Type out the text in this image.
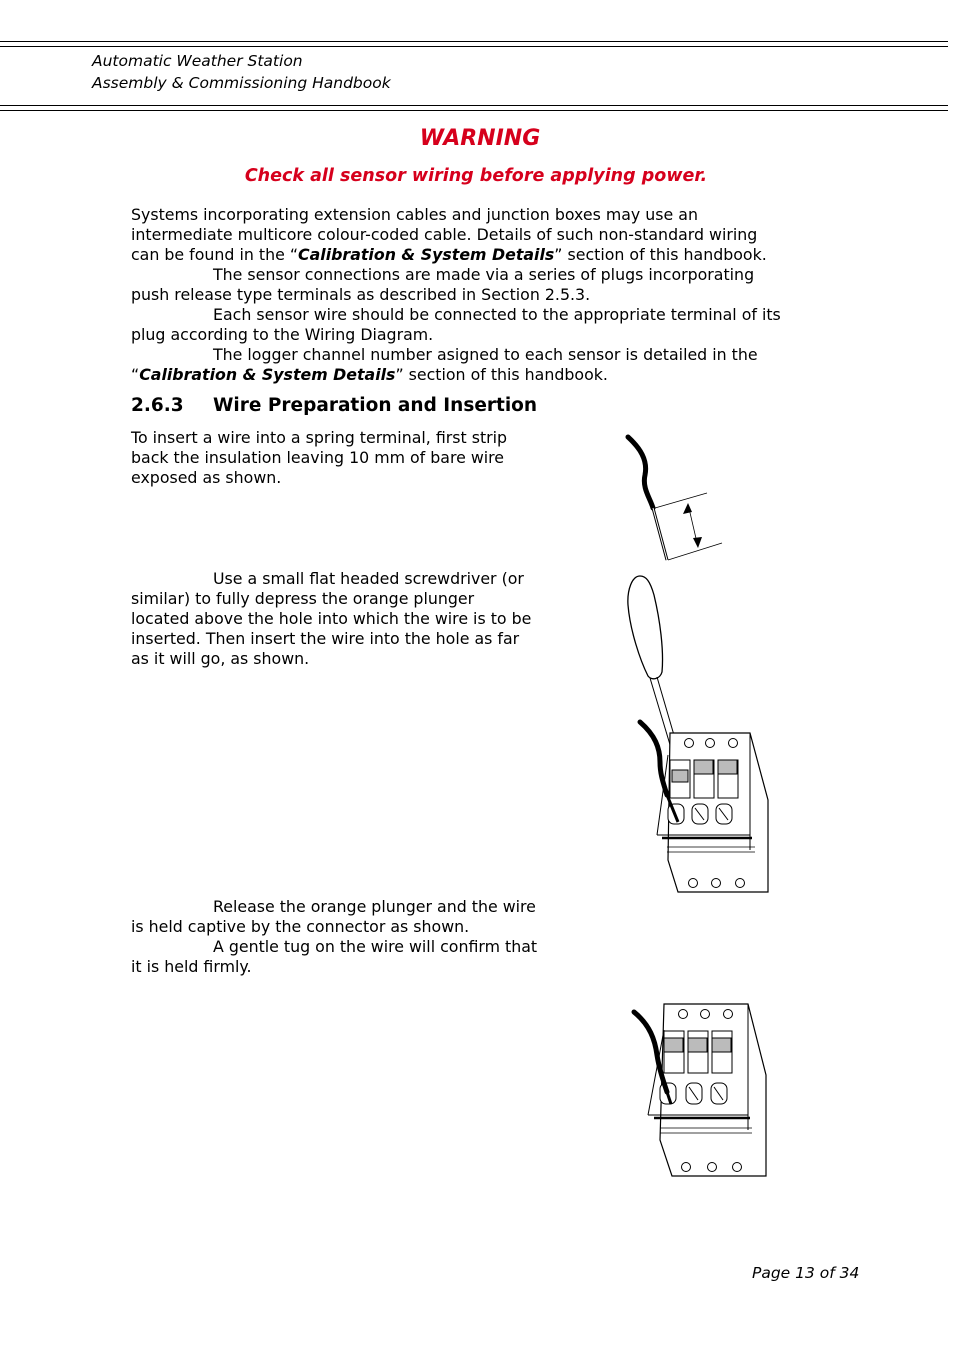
Automatic Weather Station
Assembly & Commissioning Handbook
WARNING
Check all sensor wiring before applying power.
Systems incorporating extension cables and junction boxes may use an
intermediate multicore colour-coded cable. Details of such non-standard wiring
can be found in the “Calibration & System Details” section of this handbook.
The sensor connections are made via a series of plugs incorporating
push release type terminals as described in Section 2.5.3.
Each sensor wire should be connected to the appropriate terminal of its
plug according to the Wiring Diagram.
The logger channel number asigned to each sensor is detailed in the
“Calibration & System Details” section of this handbook.
2.6.3 Wire Preparation and Insertion
To insert a wire into a spring terminal, first strip
back the insulation leaving 10 mm of bare wire
exposed as shown.
Use a small flat headed screwdriver (or
similar) to fully depress the orange plunger
located above the hole into which the wire is to be
inserted. Then insert the wire into the hole as far
as it will go, as shown.
Release the orange plunger and the wire
is held captive by the connector as shown.
A gentle tug on the wire will confirm that
it is held firmly.
Page 13 of 34
